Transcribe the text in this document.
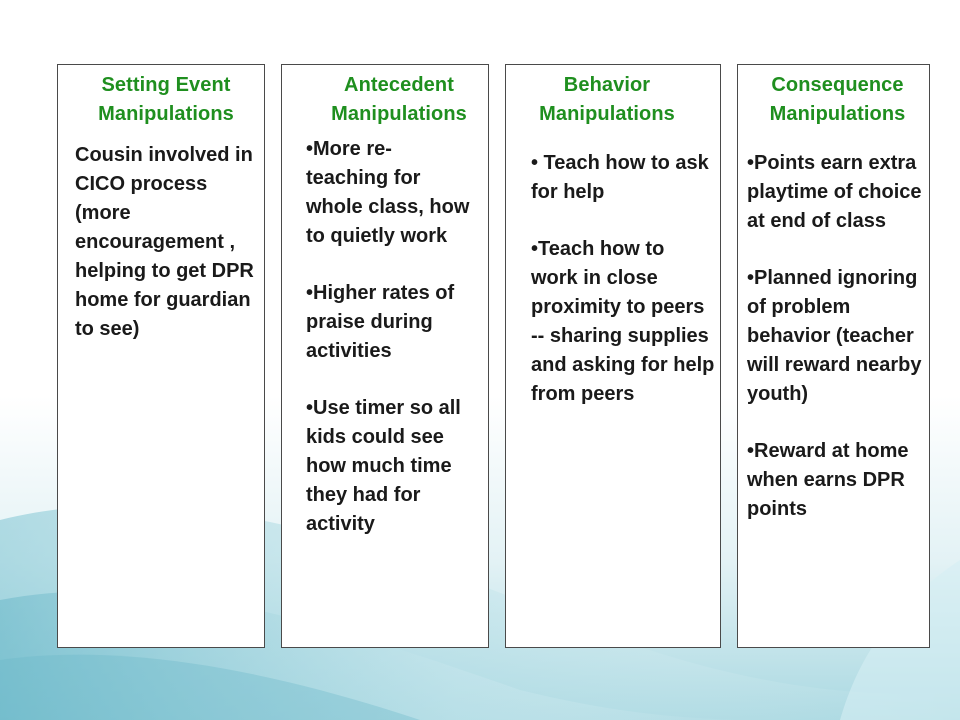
Setting Event
Manipulations

Cousin involved in CICO process (more encouragement , helping to get DPR home for guardian to see)

Antecedent
Manipulations

•More re-teaching for whole class, how to quietly work

•Higher rates of praise during activities

•Use timer so all kids could see how much time they had for activity

Behavior
Manipulations

• Teach how to ask for help

•Teach how to work in close proximity to peers -- sharing supplies and asking for help from peers

Consequence
Manipulations

•Points earn extra playtime of choice at end of class

•Planned ignoring of problem behavior (teacher will reward nearby youth)

•Reward at home when earns DPR points
